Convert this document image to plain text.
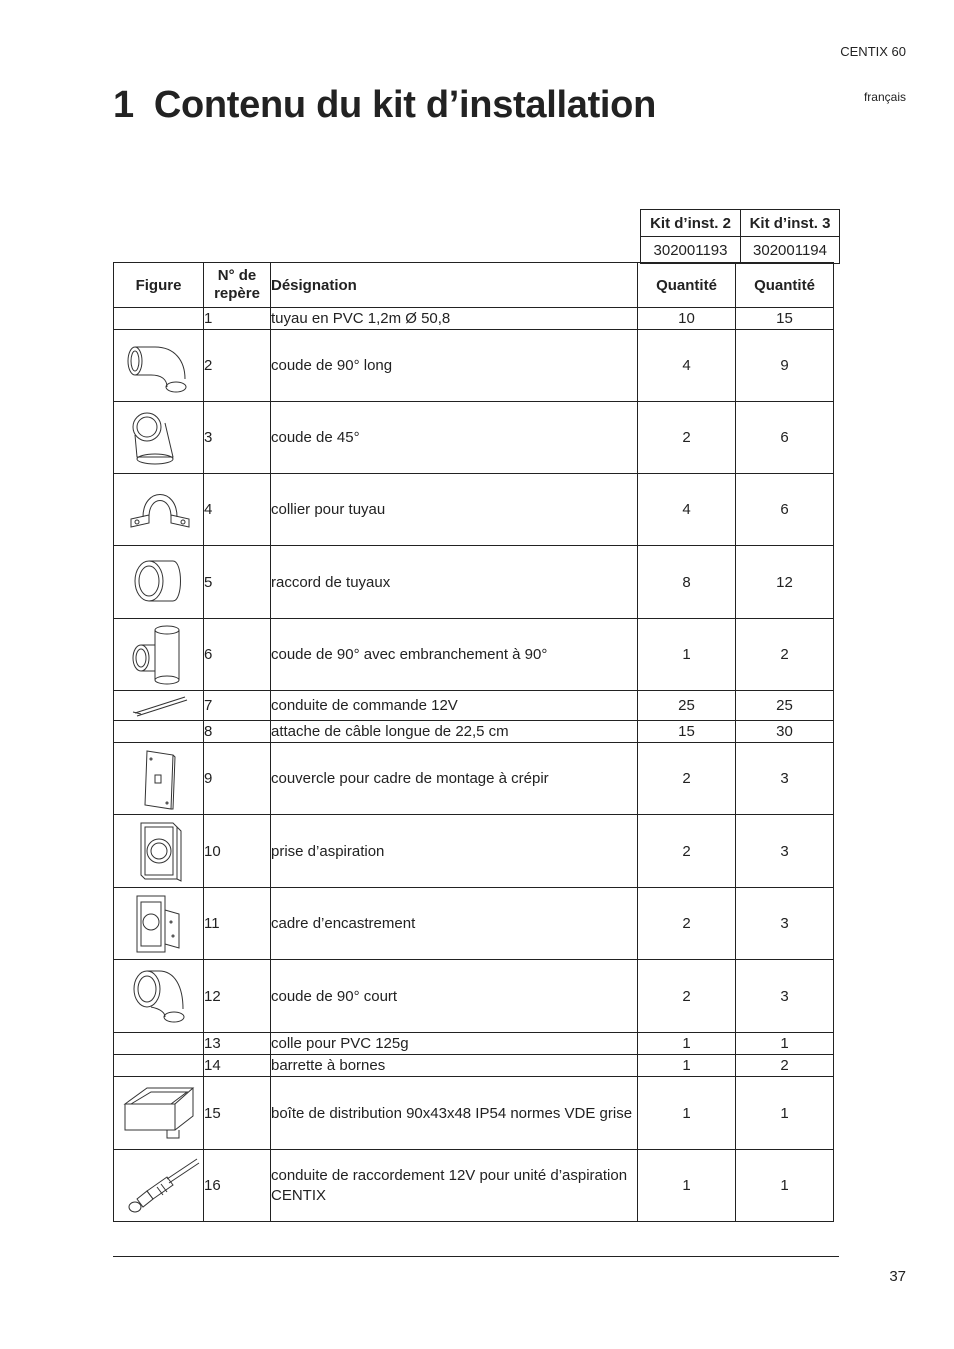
CENTIX 60
français
1 Contenu du kit d’installation
Kit d’inst. 2	Kit d’inst. 3
302001193	302001194
Figure	N° de repère	Désignation	Quantité	Quantité
	1	tuyau en PVC 1,2m Ø 50,8	10	15

	2	coude de 90° long	4	9

	3	coude de 45°	2	6

	4	collier pour tuyau	4	6

	5	raccord de tuyaux	8	12

	6	coude de 90° avec embranchement à 90°	1	2

	7	conduite de commande 12V	25	25
	8	attache de câble longue de 22,5 cm	15	30

	9	couvercle pour cadre de montage à crépir	2	3

	10	prise d’aspiration	2	3

	11	cadre d’encastrement	2	3

	12	coude de 90° court	2	3
	13	colle pour PVC 125g	1	1
	14	barrette à bornes	1	2

	15	boîte de distribution 90x43x48 IP54 normes VDE grise	1	1

	16	conduite de raccordement 12V pour unité d’aspiration CENTIX	1	1
37
